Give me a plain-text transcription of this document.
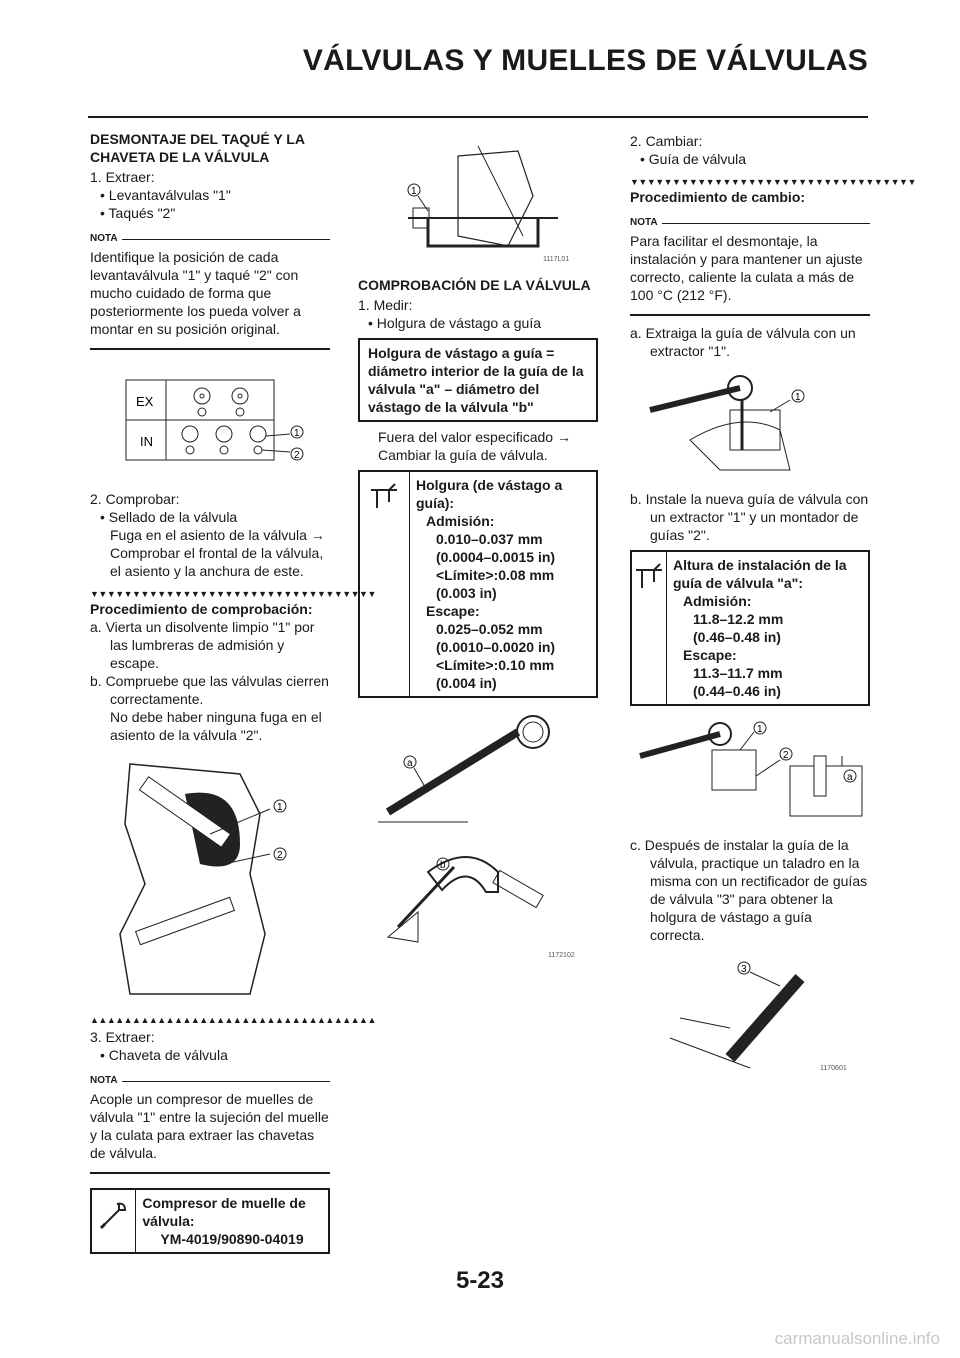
VÁLVULAS Y MUELLES DE VÁLVULAS
DESMONTAJE DEL TAQUÉ Y LA CHAVETA DE LA VÁLVULA
1. Extraer:
• Levantaválvulas "1"
• Taqués "2"
NOTA
Identifique la posición de cada levantaválvula "1" y taqué "2" con mucho cuidado de forma que posteriormente los pueda volver a montar en su posición original.
EX
IN
1
2
2. Comprobar:
• Sellado de la válvula
Fuga en el asiento de la válvula → Comprobar el frontal de la válvula, el asiento y la anchura de este.
▼▼▼▼▼▼▼▼▼▼▼▼▼▼▼▼▼▼▼▼▼▼▼▼▼▼▼▼▼▼▼▼▼▼
Procedimiento de comprobación:
a. Vierta un disolvente limpio "1" por las lumbreras de admisión y escape.
b. Compruebe que las válvulas cierren correctamente.
No debe haber ninguna fuga en el asiento de la válvula "2".
1
2
▲▲▲▲▲▲▲▲▲▲▲▲▲▲▲▲▲▲▲▲▲▲▲▲▲▲▲▲▲▲▲▲▲▲
3. Extraer:
• Chaveta de válvula
NOTA
Acople un compresor de muelles de válvula "1" entre la sujeción del muelle y la culata para extraer las chavetas de válvula.
Compresor de muelle de válvula:
YM-4019/90890-04019
1
1117L01
COMPROBACIÓN DE LA VÁLVULA
1. Medir:
• Holgura de vástago a guía
Holgura de vástago a guía = diámetro interior de la guía de la válvula "a" – diámetro del vástago de la válvula "b"
Fuera del valor especificado → Cambiar la guía de válvula.
Holgura (de vástago a guía):
Admisión:
0.010–0.037 mm
(0.0004–0.0015 in)
<Límite>:0.08 mm
(0.003 in)
Escape:
0.025–0.052 mm
(0.0010–0.0020 in)
<Límite>:0.10 mm
(0.004 in)
a
b
1172102
2. Cambiar:
• Guía de válvula
▼▼▼▼▼▼▼▼▼▼▼▼▼▼▼▼▼▼▼▼▼▼▼▼▼▼▼▼▼▼▼▼▼▼
Procedimiento de cambio:
NOTA
Para facilitar el desmontaje, la instalación y para mantener un ajuste correcto, caliente la culata a más de 100 °C (212 °F).
a. Extraiga la guía de válvula con un extractor "1".
1
b. Instale la nueva guía de válvula con un extractor "1" y un montador de guías "2".
Altura de instalación de la guía de válvula "a":
Admisión:
11.8–12.2 mm
(0.46–0.48 in)
Escape:
11.3–11.7 mm
(0.44–0.46 in)
1
2
a
c. Después de instalar la guía de la válvula, practique un taladro en la misma con un rectificador de guías de válvula "3" para obtener la holgura de vástago a guía correcta.
3
1170601
5-23
carmanualsonline.info
